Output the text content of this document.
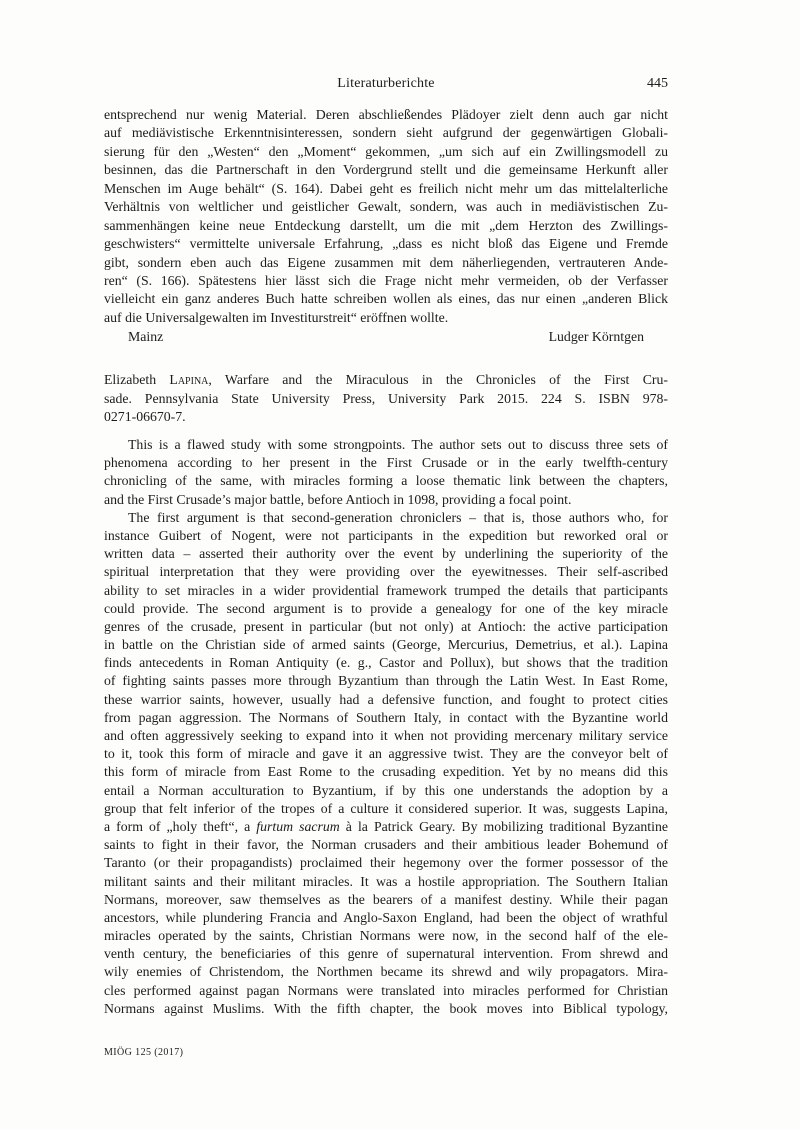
Literaturberichte	445
entsprechend nur wenig Material. Deren abschließendes Plädoyer zielt denn auch gar nicht
auf mediävistische Erkenntnisinteressen, sondern sieht aufgrund der gegenwärtigen Globali-
sierung für den „Westen“ den „Moment“ gekommen, „um sich auf ein Zwillingsmodell zu
besinnen, das die Partnerschaft in den Vordergrund stellt und die gemeinsame Herkunft aller
Menschen im Auge behält“ (S. 164). Dabei geht es freilich nicht mehr um das mittelalterliche
Verhältnis von weltlicher und geistlicher Gewalt, sondern, was auch in mediävistischen Zu-
sammenhängen keine neue Entdeckung darstellt, um die mit „dem Herzton des Zwillings-
geschwisters“ vermittelte universale Erfahrung, „dass es nicht bloß das Eigene und Fremde
gibt, sondern eben auch das Eigene zusammen mit dem näherliegenden, vertrauteren Ande-
ren“ (S. 166). Spätestens hier lässt sich die Frage nicht mehr vermeiden, ob der Verfasser
vielleicht ein ganz anderes Buch hatte schreiben wollen als eines, das nur einen „anderen Blick
auf die Universalgewalten im Investiturstreit“ eröffnen wollte.
Mainz	Ludger Körntgen
Elizabeth Lapina, Warfare and the Miraculous in the Chronicles of the First Cru-
sade. Pennsylvania State University Press, University Park 2015. 224 S. ISBN 978-
0271-06670-7.
This is a flawed study with some strongpoints. The author sets out to discuss three sets of
phenomena according to her present in the First Crusade or in the early twelfth-century
chronicling of the same, with miracles forming a loose thematic link between the chapters,
and the First Crusade’s major battle, before Antioch in 1098, providing a focal point.
The first argument is that second-generation chroniclers – that is, those authors who, for
instance Guibert of Nogent, were not participants in the expedition but reworked oral or
written data – asserted their authority over the event by underlining the superiority of the
spiritual interpretation that they were providing over the eyewitnesses. Their self-ascribed
ability to set miracles in a wider providential framework trumped the details that participants
could provide. The second argument is to provide a genealogy for one of the key miracle
genres of the crusade, present in particular (but not only) at Antioch: the active participation
in battle on the Christian side of armed saints (George, Mercurius, Demetrius, et al.). Lapina
finds antecedents in Roman Antiquity (e. g., Castor and Pollux), but shows that the tradition
of fighting saints passes more through Byzantium than through the Latin West. In East Rome,
these warrior saints, however, usually had a defensive function, and fought to protect cities
from pagan aggression. The Normans of Southern Italy, in contact with the Byzantine world
and often aggressively seeking to expand into it when not providing mercenary military service
to it, took this form of miracle and gave it an aggressive twist. They are the conveyor belt of
this form of miracle from East Rome to the crusading expedition. Yet by no means did this
entail a Norman acculturation to Byzantium, if by this one understands the adoption by a
group that felt inferior of the tropes of a culture it considered superior. It was, suggests Lapina,
a form of „holy theft“, a furtum sacrum à la Patrick Geary. By mobilizing traditional Byzantine
saints to fight in their favor, the Norman crusaders and their ambitious leader Bohemund of
Taranto (or their propagandists) proclaimed their hegemony over the former possessor of the
militant saints and their militant miracles. It was a hostile appropriation. The Southern Italian
Normans, moreover, saw themselves as the bearers of a manifest destiny. While their pagan
ancestors, while plundering Francia and Anglo-Saxon England, had been the object of wrathful
miracles operated by the saints, Christian Normans were now, in the second half of the ele-
venth century, the beneficiaries of this genre of supernatural intervention. From shrewd and
wily enemies of Christendom, the Northmen became its shrewd and wily propagators. Mira-
cles performed against pagan Normans were translated into miracles performed for Christian
Normans against Muslims. With the fifth chapter, the book moves into Biblical typology,
MIÖG 125 (2017)
